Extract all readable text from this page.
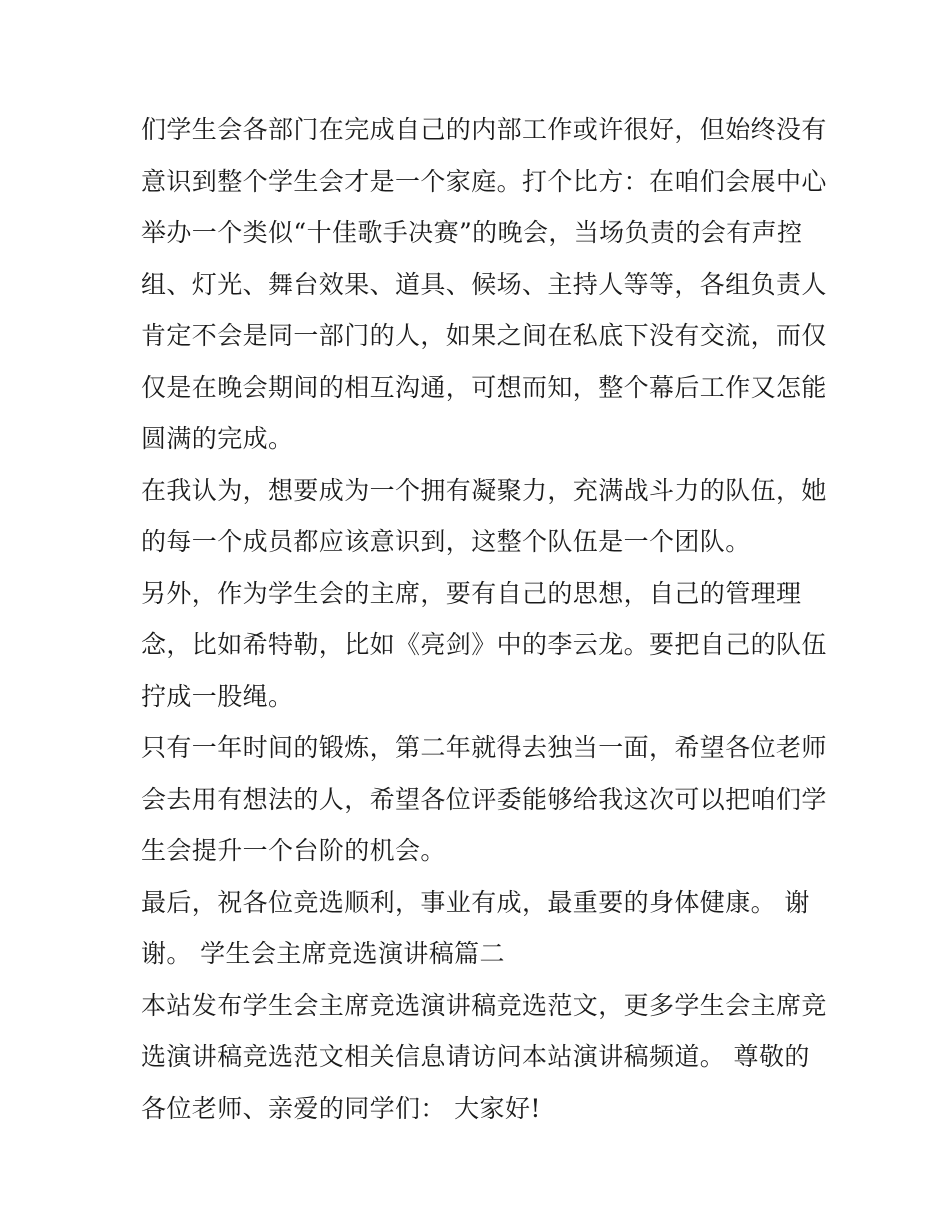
们学生会各部门在完成自己的内部工作或许很好，但始终没有
意识到整个学生会才是一个家庭。打个比方：在咱们会展中心
举办一个类似“十佳歌手决赛”的晚会，当场负责的会有声控
组、灯光、舞台效果、道具、候场、主持人等等，各组负责人
肯定不会是同一部门的人，如果之间在私底下没有交流，而仅
仅是在晚会期间的相互沟通，可想而知，整个幕后工作又怎能
圆满的完成。
在我认为，想要成为一个拥有凝聚力，充满战斗力的队伍，她
的每一个成员都应该意识到，这整个队伍是一个团队。
另外，作为学生会的主席，要有自己的思想，自己的管理理
念，比如希特勒，比如《亮剑》中的李云龙。要把自己的队伍
拧成一股绳。
只有一年时间的锻炼，第二年就得去独当一面，希望各位老师
会去用有想法的人，希望各位评委能够给我这次可以把咱们学
生会提升一个台阶的机会。
最后，祝各位竞选顺利，事业有成，最重要的身体健康。 谢
谢。 学生会主席竞选演讲稿篇二
本站发布学生会主席竞选演讲稿竞选范文，更多学生会主席竞
选演讲稿竞选范文相关信息请访问本站演讲稿频道。 尊敬的
各位老师、亲爱的同学们： 大家好!
